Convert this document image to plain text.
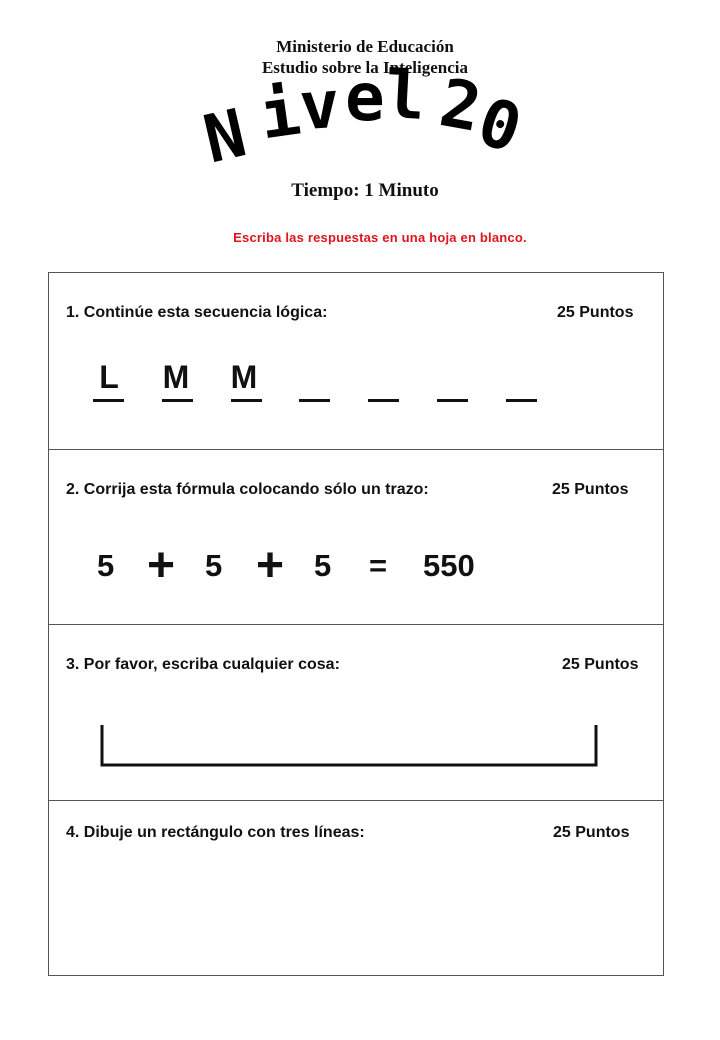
Ministerio de Educación
Estudio sobre la Inteligencia
N i
v e
l 2
0
Tiempo: 1 Minuto
Escriba las respuestas en una hoja en blanco.
1. Continúe esta secuencia lógica:	25 Puntos
L M M
2. Corrija esta fórmula colocando sólo un trazo:	25 Puntos
5 + 5 + 5 = 550
3. Por favor, escriba cualquier cosa:	25 Puntos
4. Dibuje un rectángulo con tres líneas:	25 Puntos
